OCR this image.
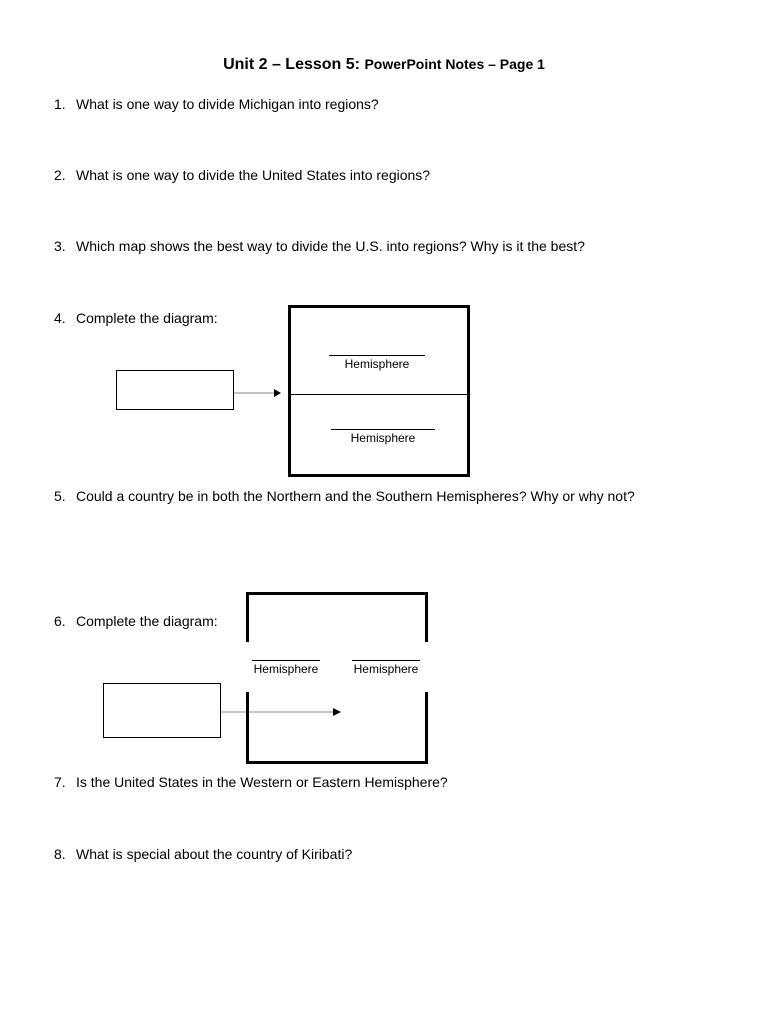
Unit 2 – Lesson 5: PowerPoint Notes – Page 1
1. What is one way to divide Michigan into regions?
2. What is one way to divide the United States into regions?
3. Which map shows the best way to divide the U.S. into regions? Why is it the best?
4. Complete the diagram:
5. Could a country be in both the Northern and the Southern Hemispheres? Why or why not?
6. Complete the diagram:
7. Is the United States in the Western or Eastern Hemisphere?
8. What is special about the country of Kiribati?
Hemisphere
Hemisphere
Hemisphere	Hemisphere
